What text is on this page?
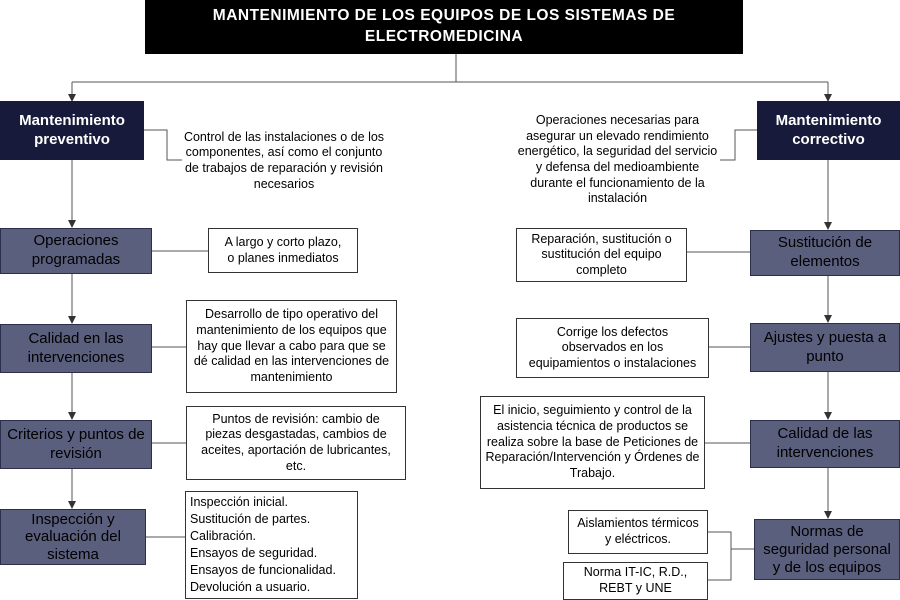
MANTENIMIENTO DE LOS EQUIPOS DE LOS SISTEMAS DE ELECTROMEDICINA
Mantenimiento preventivo	Control de las instalaciones o de los componentes, así como el conjunto de trabajos de reparación y revisión necesarios
Operaciones programadas
A largo y corto plazo, o planes inmediatos
Calidad en las intervenciones
Desarrollo de tipo operativo del mantenimiento de los equipos que hay que llevar a cabo para que se dé calidad en las intervenciones de mantenimiento
Criterios y puntos de revisión
Puntos de revisión: cambio de piezas desgastadas, cambios de aceites, aportación de lubricantes, etc.
Inspección y evaluación del sistema
Inspección inicial.
Sustitución de partes.
Calibración.
Ensayos de seguridad.
Ensayos de funcionalidad.
Devolución a usuario.
Mantenimiento correctivo
Operaciones necesarias para asegurar un elevado rendimiento energético, la seguridad del servicio y defensa del medioambiente durante el funcionamiento de la instalación
Sustitución de elementos
Reparación, sustitución o sustitución del equipo completo
Ajustes y puesta a punto
Corrige los defectos observados en los equipamientos o instalaciones
Calidad de las intervenciones
El inicio, seguimiento y control de la asistencia técnica de productos se realiza sobre la base de Peticiones de Reparación/Intervención y Órdenes de Trabajo.
Normas de seguridad personal y de los equipos
Aislamientos térmicos y eléctricos.
Norma IT-IC, R.D., REBT y UNE
